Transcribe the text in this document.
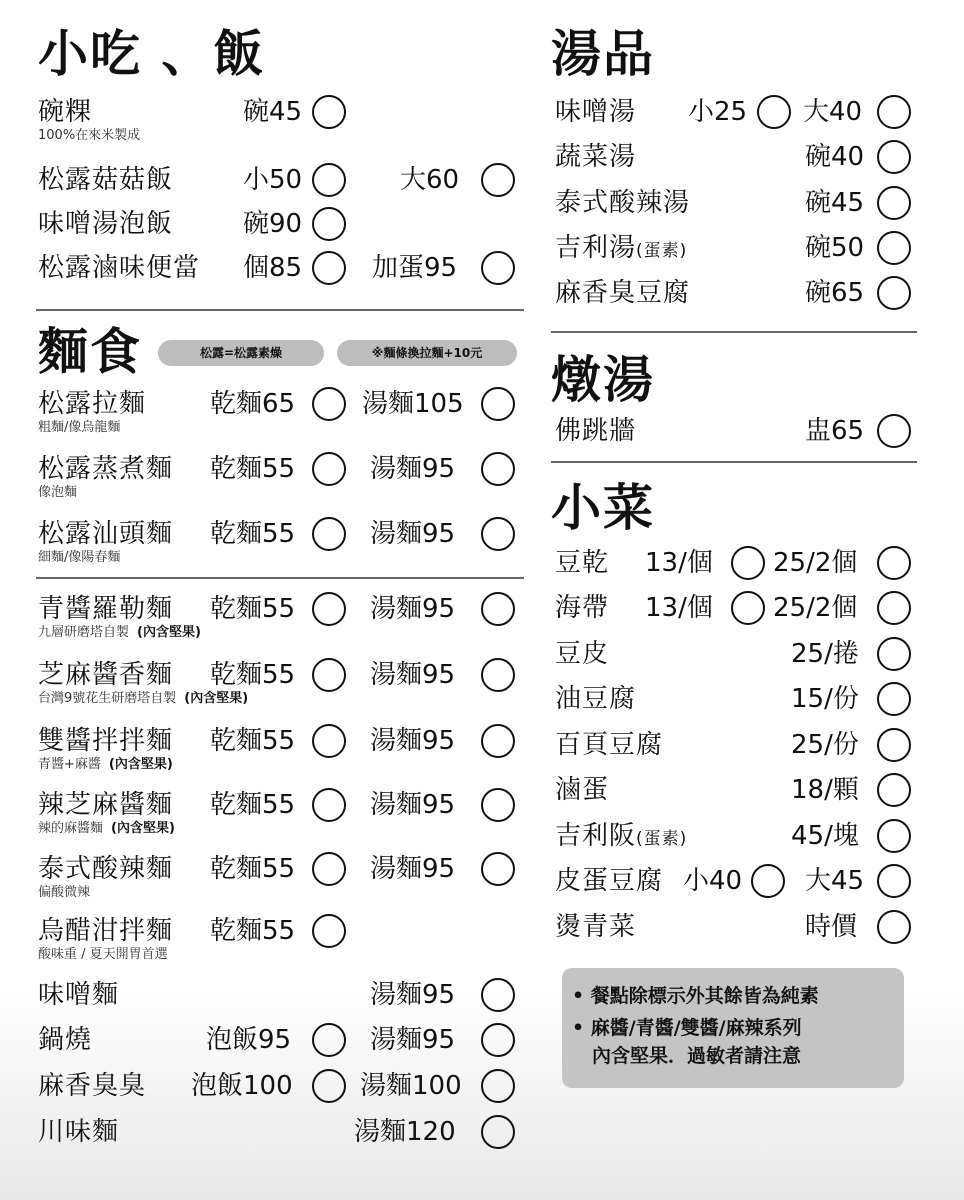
小吃 、飯
碗粿
100%在來米製成
碗45
松露菇菇飯	小50	大60
味噌湯泡飯	碗90
松露滷味便當 個85	加蛋95
麵食	松露=松露素燥	※麵條換拉麵+10元
松露拉麵
粗麵/像烏龍麵
乾麵65	湯麵105
松露蒸煮麵
像泡麵
乾麵55	湯麵95
松露汕頭麵
細麵/像陽春麵
乾麵55	湯麵95
青醬羅勒麵
九層研磨塔自製 (內含堅果)
乾麵55	湯麵95
芝麻醬香麵
台灣9號花生研磨塔自製 (內含堅果)
乾麵55	湯麵95
雙醬拌拌麵
青醬+麻醬 (內含堅果)
乾麵55	湯麵95
辣芝麻醬麵
辣的麻醬麵 (內含堅果)
乾麵55	湯麵95
泰式酸辣麵
偏酸微辣
乾麵55	湯麵95
烏醋泔拌麵
酸味重 / 夏天開胃首選
乾麵55
味噌麵	湯麵95
鍋燒	泡飯95	湯麵95
麻香臭臭 泡飯100	湯麵100
川味麵	湯麵120
湯品
味噌湯 小25 大40
蔬菜湯	碗40
泰式酸辣湯	碗45
吉利湯(蛋素)	碗50
麻香臭豆腐	碗65
燉湯
佛跳牆	盅65
小菜
豆乾 13/個 25/2個
海帶 13/個 25/2個
豆皮	25/捲
油豆腐	15/份
百頁豆腐	25/份
滷蛋	18/顆
吉利阪(蛋素)	45/塊
皮蛋豆腐 小40 大45
燙青菜	時價
• 餐點除標示外其餘皆為純素
• 麻醬/青醬/雙醬/麻辣系列
內含堅果．過敏者請注意
